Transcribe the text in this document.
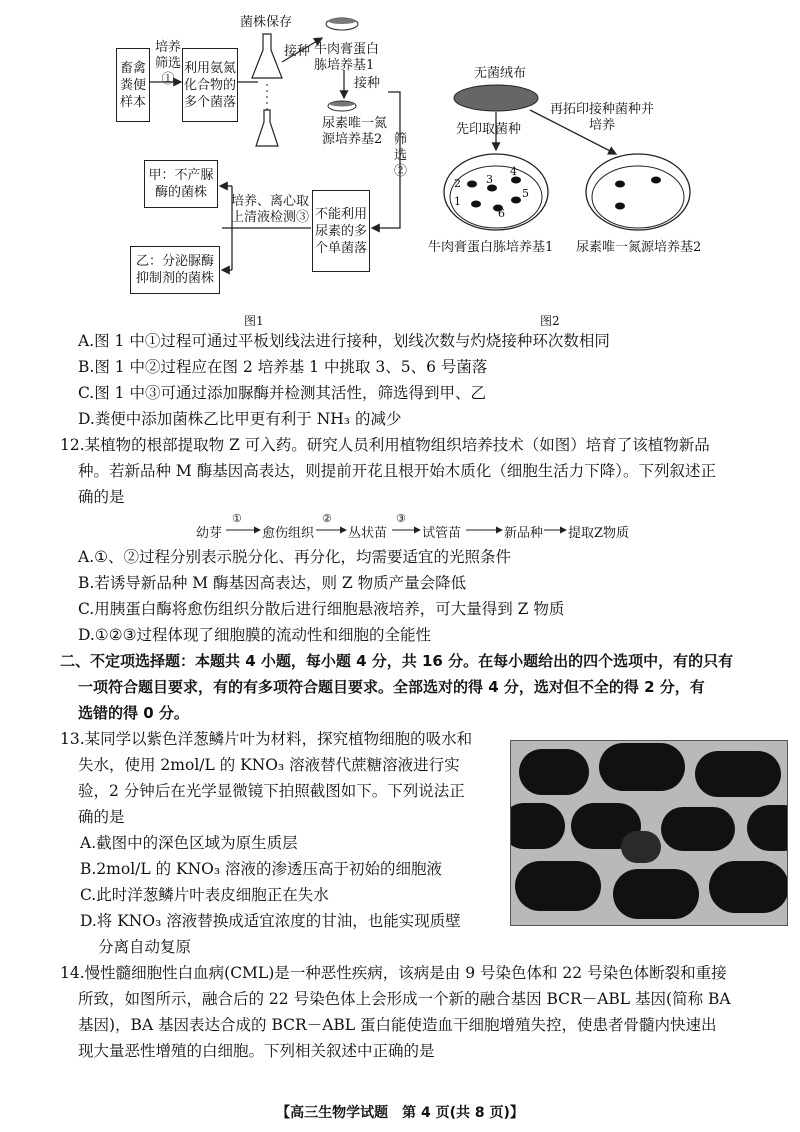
畜禽粪便样本
培养筛选①
利用氨氮化合物的多个菌落
菌株保存
接种 牛肉膏蛋白胨培养基1
接种
尿素唯一氮源培养基2 筛选②
不能利用尿素的多个单菌落
培养、离心取上清液检测③
甲：不产脲酶的菌株
乙：分泌脲酶抑制剂的菌株
图1
无菌绒布
先印取菌种
再拓印接种菌种并培养
牛肉膏蛋白胨培养基1 尿素唯一氮源培养基2
图2
2 3
4
1
5
6
A.图 1 中①过程可通过平板划线法进行接种，划线次数与灼烧接种环次数相同
B.图 1 中②过程应在图 2 培养基 1 中挑取 3、5、6 号菌落
C.图 1 中③可通过添加脲酶并检测其活性，筛选得到甲、乙
D.粪便中添加菌株乙比甲更有利于 NH₃ 的减少
12.某植物的根部提取物 Z 可入药。研究人员利用植物组织培养技术（如图）培育了该植物新品
种。若新品种 M 酶基因高表达，则提前开花且根开始木质化（细胞生活力下降）。下列叙述正
确的是
幼芽
①
愈伤组织
②
丛状苗
③
试管苗	新品种 提取Z物质
A.①、②过程分别表示脱分化、再分化，均需要适宜的光照条件
B.若诱导新品种 M 酶基因高表达，则 Z 物质产量会降低
C.用胰蛋白酶将愈伤组织分散后进行细胞悬液培养，可大量得到 Z 物质
D.①②③过程体现了细胞膜的流动性和细胞的全能性
二、不定项选择题：本题共 4 小题，每小题 4 分，共 16 分。在每小题给出的四个选项中，有的只有
一项符合题目要求，有的有多项符合题目要求。全部选对的得 4 分，选对但不全的得 2 分，有
选错的得 0 分。
13.某同学以紫色洋葱鳞片叶为材料，探究植物细胞的吸水和
失水，使用 2mol/L 的 KNO₃ 溶液替代蔗糖溶液进行实
验，2 分钟后在光学显微镜下拍照截图如下。下列说法正
确的是
A.截图中的深色区域为原生质层
B.2mol/L 的 KNO₃ 溶液的渗透压高于初始的细胞液
C.此时洋葱鳞片叶表皮细胞正在失水
D.将 KNO₃ 溶液替换成适宜浓度的甘油，也能实现质壁
分离自动复原
14.慢性髓细胞性白血病(CML)是一种恶性疾病，该病是由 9 号染色体和 22 号染色体断裂和重接
所致，如图所示，融合后的 22 号染色体上会形成一个新的融合基因 BCR－ABL 基因(简称 BA
基因)，BA 基因表达合成的 BCR－ABL 蛋白能使造血干细胞增殖失控，使患者骨髓内快速出
现大量恶性增殖的白细胞。下列相关叙述中正确的是
【高三生物学试题　第 4 页(共 8 页)】
